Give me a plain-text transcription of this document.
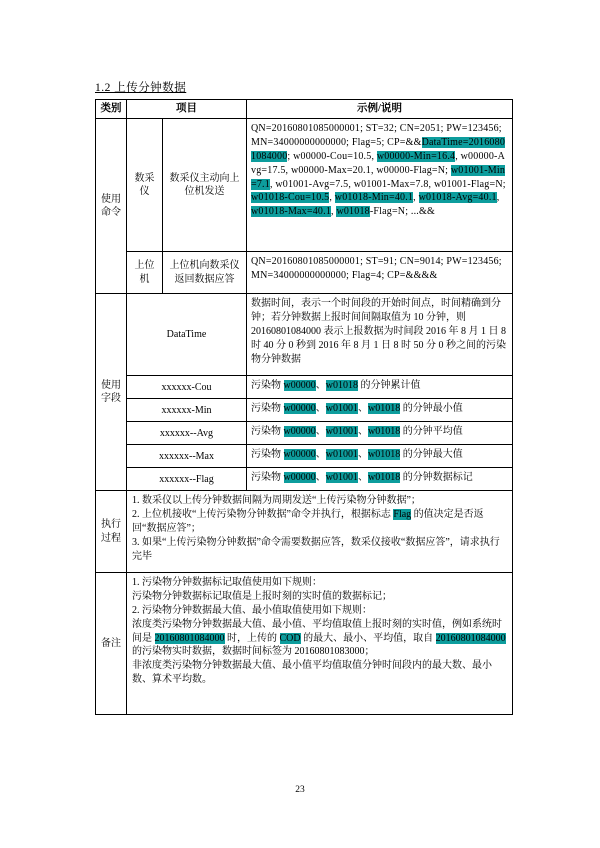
1.2 上传分钟数据
类别	项目		示例/说明
使用命令	数采仪	数采仪主动向上位机发送	QN=20160801085000001; ST=32; CN=2051; PW=123456; MN=34000000000000; Flag=5; CP=&&DataTime=20160801084000; w00000-Cou=10.5, w00000-Min=16.4, w00000-Avg=17.5, w00000-Max=20.1, w00000-Flag=N; w01001-Min=7.1, w01001-Avg=7.5, w01001-Max=7.8, w01001-Flag=N; w01018-Cou=10.5, w01018-Min=40.1, w01018-Avg=40.1, w01018-Max=40.1, w01018-Flag=N; ...&&
	上位机	上位机向数采仪返回数据应答	QN=20160801085000001; ST=91; CN=9014; PW=123456; MN=34000000000000; Flag=4; CP=&&&&
使用字段	DataTime		数据时间，表示一个时间段的开始时间点，时间精确到分钟；若分钟数据上报时间间隔取值为 10 分钟，则 20160801084000 表示上报数据为时间段 2016 年 8 月 1 日 8 时 40 分 0 秒到 2016 年 8 月 1 日 8 时 50 分 0 秒之间的污染物分钟数据
	xxxxxx-Cou		污染物 w00000、w01018 的分钟累计值
	xxxxxx-Min		污染物 w00000、w01001、w01018 的分钟最小值
	xxxxxx--Avg		污染物 w00000、w01001、w01018 的分钟平均值
	xxxxxx--Max		污染物 w00000、w01001、w01018 的分钟最大值
	xxxxxx--Flag		污染物 w00000、w01001、w01018 的分钟数据标记
执行过程	1. 数采仪以上传分钟数据间隔为周期发送“上传污染物分钟数据”；
2. 上位机接收“上传污染物分钟数据”命令并执行，根据标志 Flag 的值决定是否返回“数据应答”；
3. 如果“上传污染物分钟数据”命令需要数据应答，数采仪接收“数据应答”，请求执行完毕		

备注	1. 污染物分钟数据标记取值使用如下规则：
污染物分钟数据标记取值是上报时刻的实时值的数据标记；
2. 污染物分钟数据最大值、最小值取值使用如下规则：
浓度类污染物分钟数据最大值、最小值、平均值取值上报时刻的实时值，例如系统时间是 20160801084000 时，上传的 COD 的最大、最小、平均值，取自 20160801084000 的污染物实时数据，数据时间标签为 20160801083000；
非浓度类污染物分钟数据最大值、最小值平均值取值分钟时间段内的最大数、最小数、算术平均数。		
23
